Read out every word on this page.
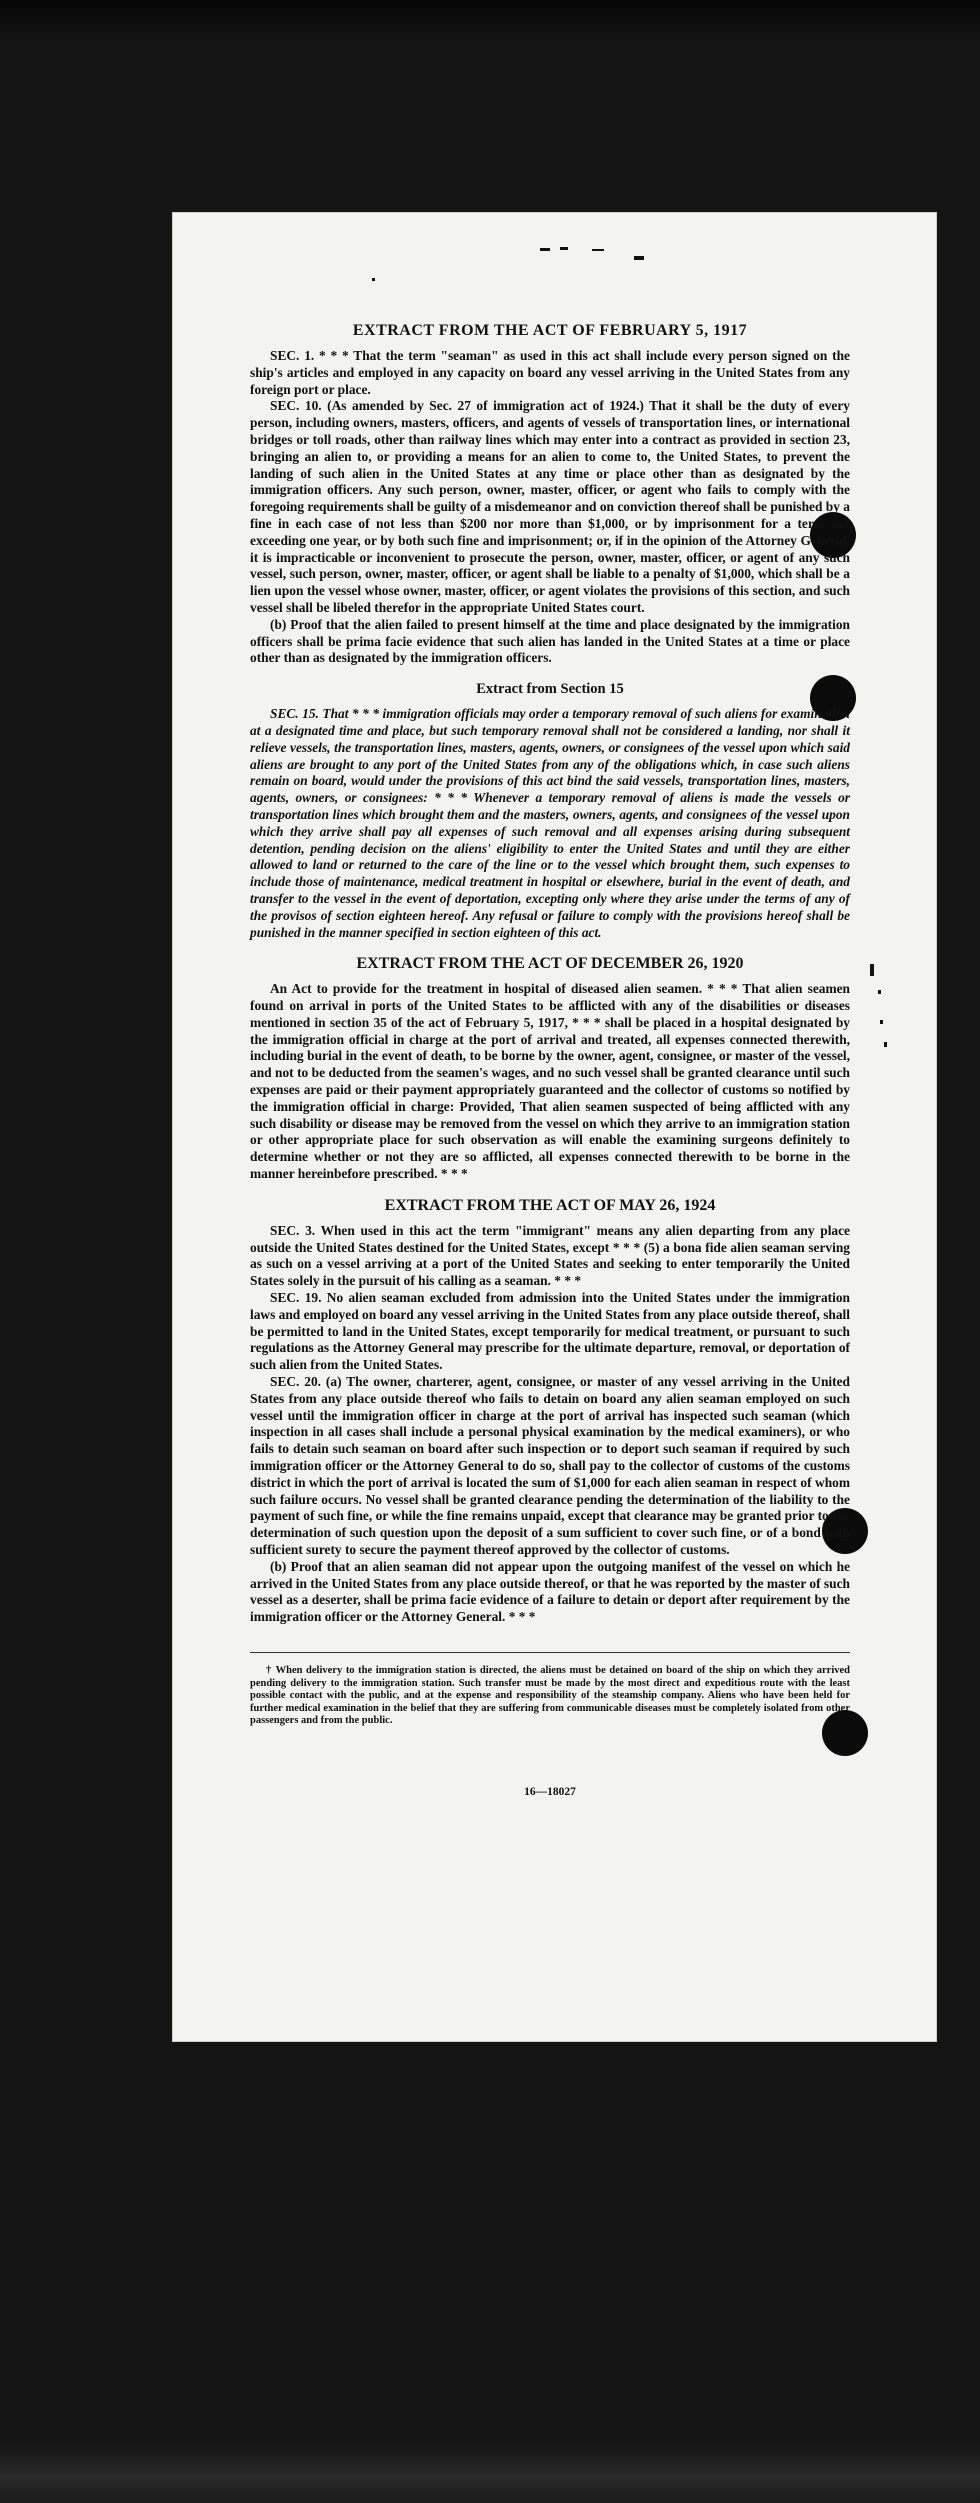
EXTRACT FROM THE ACT OF FEBRUARY 5, 1917

SEC. 1. * * * That the term "seaman" as used in this act shall include every person signed on the ship's articles and employed in any capacity on board any vessel arriving in the United States from any foreign port or place.

SEC. 10. (As amended by Sec. 27 of immigration act of 1924.) That it shall be the duty of every person, including owners, masters, officers, and agents of vessels of transportation lines, or international bridges or toll roads, other than railway lines which may enter into a contract as provided in section 23, bringing an alien to, or providing a means for an alien to come to, the United States, to prevent the landing of such alien in the United States at any time or place other than as designated by the immigration officers. Any such person, owner, master, officer, or agent who fails to comply with the foregoing requirements shall be guilty of a misdemeanor and on conviction thereof shall be punished by a fine in each case of not less than $200 nor more than $1,000, or by imprisonment for a term not exceeding one year, or by both such fine and imprisonment; or, if in the opinion of the Attorney General, it is impracticable or inconvenient to prosecute the person, owner, master, officer, or agent of any such vessel, such person, owner, master, officer, or agent shall be liable to a penalty of $1,000, which shall be a lien upon the vessel whose owner, master, officer, or agent violates the provisions of this section, and such vessel shall be libeled therefor in the appropriate United States court.

(b) Proof that the alien failed to present himself at the time and place designated by the immigration officers shall be prima facie evidence that such alien has landed in the United States at a time or place other than as designated by the immigration officers.

Extract from Section 15

SEC. 15. That * * * immigration officials may order a temporary removal of such aliens for examination at a designated time and place, but such temporary removal shall not be considered a landing, nor shall it relieve vessels, the transportation lines, masters, agents, owners, or consignees of the vessel upon which said aliens are brought to any port of the United States from any of the obligations which, in case such aliens remain on board, would under the provisions of this act bind the said vessels, transportation lines, masters, agents, owners, or consignees: * * * Whenever a temporary removal of aliens is made the vessels or transportation lines which brought them and the masters, owners, agents, and consignees of the vessel upon which they arrive shall pay all expenses of such removal and all expenses arising during subsequent detention, pending decision on the aliens' eligibility to enter the United States and until they are either allowed to land or returned to the care of the line or to the vessel which brought them, such expenses to include those of maintenance, medical treatment in hospital or elsewhere, burial in the event of death, and transfer to the vessel in the event of deportation, excepting only where they arise under the terms of any of the provisos of section eighteen hereof. Any refusal or failure to comply with the provisions hereof shall be punished in the manner specified in section eighteen of this act.

EXTRACT FROM THE ACT OF DECEMBER 26, 1920

An Act to provide for the treatment in hospital of diseased alien seamen. * * * That alien seamen found on arrival in ports of the United States to be afflicted with any of the disabilities or diseases mentioned in section 35 of the act of February 5, 1917, * * * shall be placed in a hospital designated by the immigration official in charge at the port of arrival and treated, all expenses connected therewith, including burial in the event of death, to be borne by the owner, agent, consignee, or master of the vessel, and not to be deducted from the seamen's wages, and no such vessel shall be granted clearance until such expenses are paid or their payment appropriately guaranteed and the collector of customs so notified by the immigration official in charge: Provided, That alien seamen suspected of being afflicted with any such disability or disease may be removed from the vessel on which they arrive to an immigration station or other appropriate place for such observation as will enable the examining surgeons definitely to determine whether or not they are so afflicted, all expenses connected therewith to be borne in the manner hereinbefore prescribed. * * *

EXTRACT FROM THE ACT OF MAY 26, 1924

SEC. 3. When used in this act the term "immigrant" means any alien departing from any place outside the United States destined for the United States, except * * * (5) a bona fide alien seaman serving as such on a vessel arriving at a port of the United States and seeking to enter temporarily the United States solely in the pursuit of his calling as a seaman. * * *

SEC. 19. No alien seaman excluded from admission into the United States under the immigration laws and employed on board any vessel arriving in the United States from any place outside thereof, shall be permitted to land in the United States, except temporarily for medical treatment, or pursuant to such regulations as the Attorney General may prescribe for the ultimate departure, removal, or deportation of such alien from the United States.

SEC. 20. (a) The owner, charterer, agent, consignee, or master of any vessel arriving in the United States from any place outside thereof who fails to detain on board any alien seaman employed on such vessel until the immigration officer in charge at the port of arrival has inspected such seaman (which inspection in all cases shall include a personal physical examination by the medical examiners), or who fails to detain such seaman on board after such inspection or to deport such seaman if required by such immigration officer or the Attorney General to do so, shall pay to the collector of customs of the customs district in which the port of arrival is located the sum of $1,000 for each alien seaman in respect of whom such failure occurs. No vessel shall be granted clearance pending the determination of the liability to the payment of such fine, or while the fine remains unpaid, except that clearance may be granted prior to the determination of such question upon the deposit of a sum sufficient to cover such fine, or of a bond with sufficient surety to secure the payment thereof approved by the collector of customs.

(b) Proof that an alien seaman did not appear upon the outgoing manifest of the vessel on which he arrived in the United States from any place outside thereof, or that he was reported by the master of such vessel as a deserter, shall be prima facie evidence of a failure to detain or deport after requirement by the immigration officer or the Attorney General. * * *

† When delivery to the immigration station is directed, the aliens must be detained on board of the ship on which they arrived pending delivery to the immigration station. Such transfer must be made by the most direct and expeditious route with the least possible contact with the public, and at the expense and responsibility of the steamship company. Aliens who have been held for further medical examination in the belief that they are suffering from communicable diseases must be completely isolated from other passengers and from the public.

16—18027
